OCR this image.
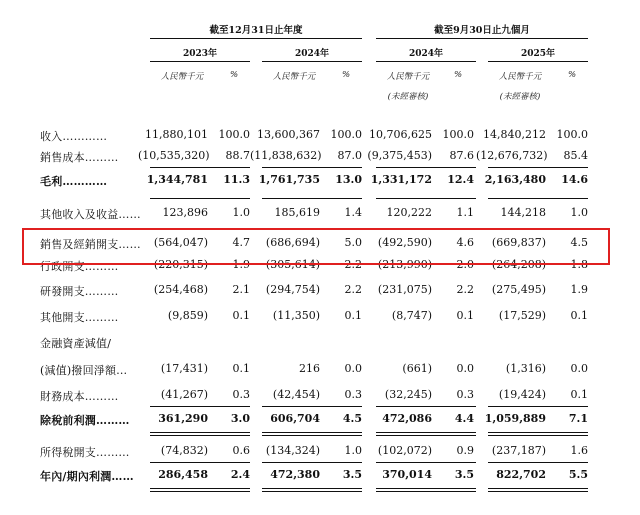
截至12月31日止年度	截至9月30日止九個月
2023年	2024年	2024年	2025年
人民幣千元	%	人民幣千元	%	人民幣千元	%	人民幣千元	%
(未經審核)	(未經審核)
收入…………	11,880,101 100.0 13,600,367 100.0 10,706,625 100.0 14,840,212 100.0
銷售成本……… (10,535,320)	88.7 (11,838,632)	87.0 (9,375,453)	87.6 (12,676,732)	85.4
毛利…………	1,344,781	11.3 1,761,735	13.0 1,331,172	12.4 2,163,480	14.6
其他收入及收益……	123,896	1.0	185,619	1.4	120,222	1.1	144,218	1.0
銷售及經銷開支……	(564,047)	4.7	(686,694)	5.0	(492,590)	4.6	(669,837)	4.5
行政開支………	(220,315)	1.9	(305,614)	2.2	(213,990)	2.0	(264,208)	1.8
研發開支………	(254,468)	2.1	(294,754)	2.2	(231,075)	2.2	(275,495)	1.9
其他開支………	(9,859)	0.1	(11,350)	0.1	(8,747)	0.1	(17,529)	0.1
金融資產減值/
(減值)撥回淨額…	(17,431)	0.1	216	0.0	(661)	0.0	(1,316)	0.0
財務成本………	(41,267)	0.3	(42,454)	0.3	(32,245)	0.3	(19,424)	0.1
除稅前利潤………	361,290	3.0	606,704	4.5	472,086	4.4 1,059,889	7.1
所得稅開支………	(74,832)	0.6	(134,324)	1.0	(102,072)	0.9	(237,187)	1.6
年內/期內利潤……	286,458	2.4	472,380	3.5	370,014	3.5	822,702	5.5
